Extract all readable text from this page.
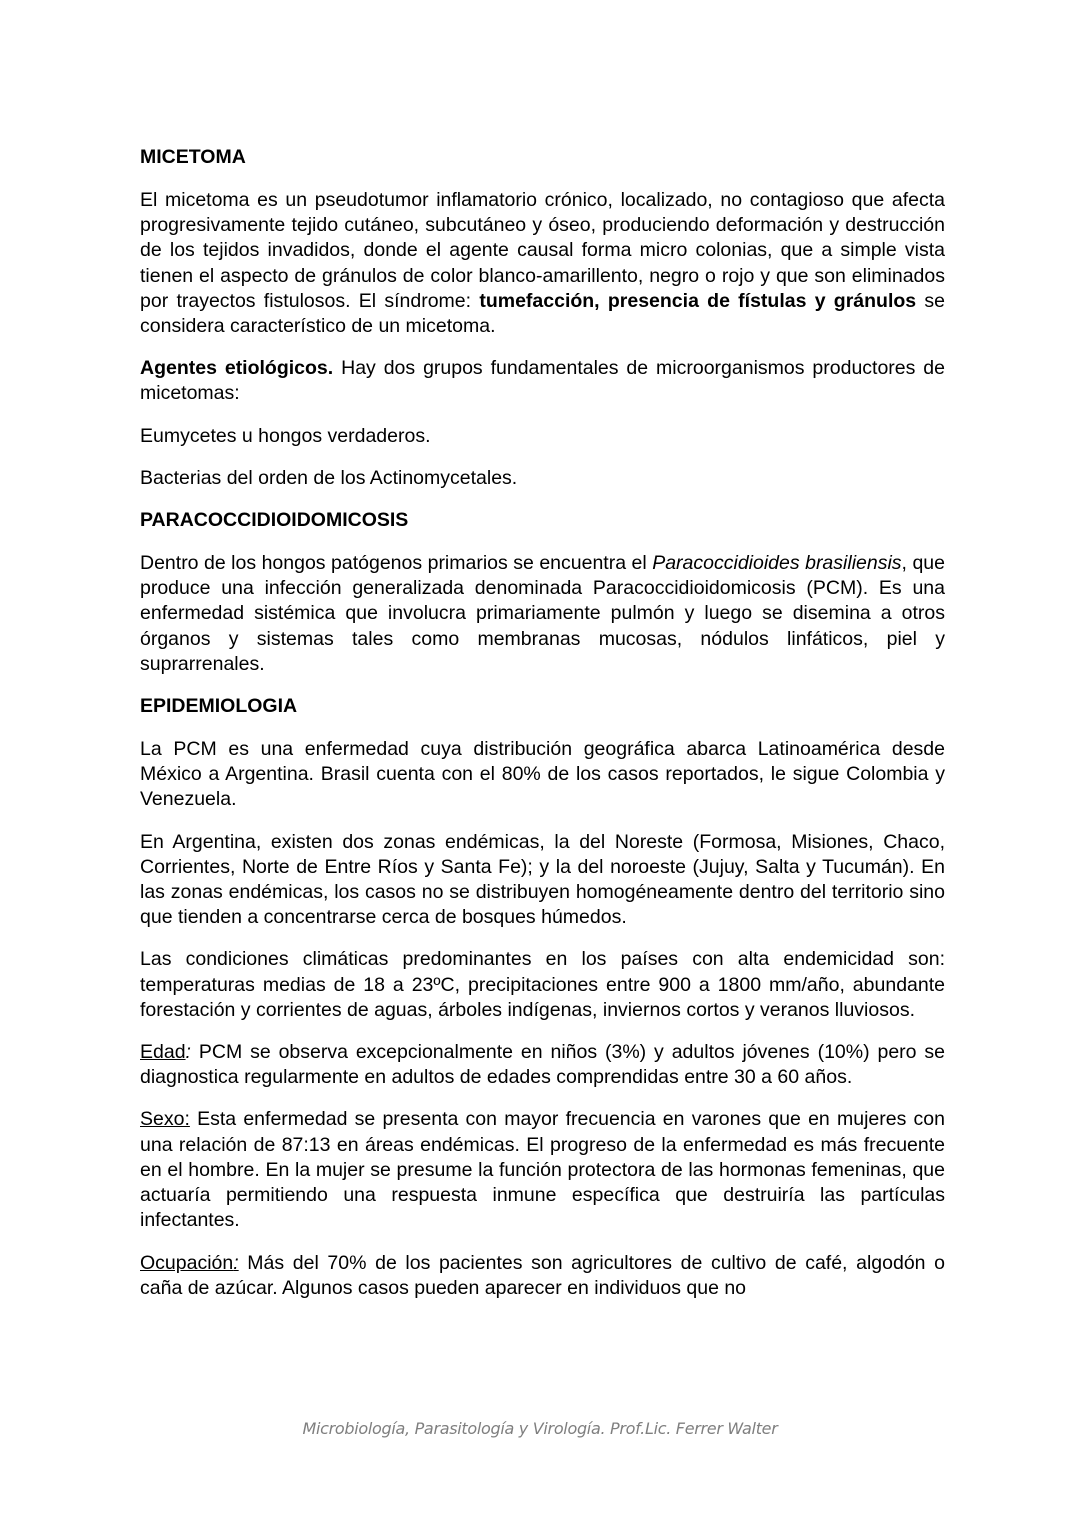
MICETOMA

El micetoma es un pseudotumor inflamatorio crónico, localizado, no contagioso que afecta progresivamente tejido cutáneo, subcutáneo y óseo, produciendo deformación y destrucción de los tejidos invadidos, donde el agente causal forma micro colonias, que a simple vista tienen el aspecto de gránulos de color blanco-amarillento, negro o rojo y que son eliminados por trayectos fistulosos. El síndrome: tumefacción, presencia de fístulas y gránulos se considera característico de un micetoma.

Agentes etiológicos. Hay dos grupos fundamentales de microorganismos productores de micetomas:

Eumycetes u hongos verdaderos.

Bacterias del orden de los Actinomycetales.

PARACOCCIDIOIDOMICOSIS

Dentro de los hongos patógenos primarios se encuentra el Paracoccidioides brasiliensis, que produce una infección generalizada denominada Paracoccidioidomicosis (PCM). Es una enfermedad sistémica que involucra primariamente pulmón y luego se disemina a otros órganos y sistemas tales como membranas mucosas, nódulos linfáticos, piel y suprarrenales.

EPIDEMIOLOGIA

La PCM es una enfermedad cuya distribución geográfica abarca Latinoamérica desde México a Argentina. Brasil cuenta con el 80% de los casos reportados, le sigue Colombia y Venezuela.

En Argentina, existen dos zonas endémicas, la del Noreste (Formosa, Misiones, Chaco, Corrientes, Norte de Entre Ríos y Santa Fe); y la del noroeste (Jujuy, Salta y Tucumán). En las zonas endémicas, los casos no se distribuyen homogéneamente dentro del territorio sino que tienden a concentrarse cerca de bosques húmedos.

Las condiciones climáticas predominantes en los países con alta endemicidad son: temperaturas medias de 18 a 23ºC, precipitaciones entre 900 a 1800 mm/año, abundante forestación y corrientes de aguas, árboles indígenas, inviernos cortos y veranos lluviosos.

Edad: PCM se observa excepcionalmente en niños (3%) y adultos jóvenes (10%) pero se diagnostica regularmente en adultos de edades comprendidas entre 30 a 60 años.

Sexo: Esta enfermedad se presenta con mayor frecuencia en varones que en mujeres con una relación de 87:13 en áreas endémicas. El progreso de la enfermedad es más frecuente en el hombre. En la mujer se presume la función protectora de las hormonas femeninas, que actuaría permitiendo una respuesta inmune específica que destruiría las partículas infectantes.

Ocupación: Más del 70% de los pacientes son agricultores de cultivo de café, algodón o caña de azúcar. Algunos casos pueden aparecer en individuos que no

Microbiología, Parasitología y Virología. Prof.Lic. Ferrer Walter
